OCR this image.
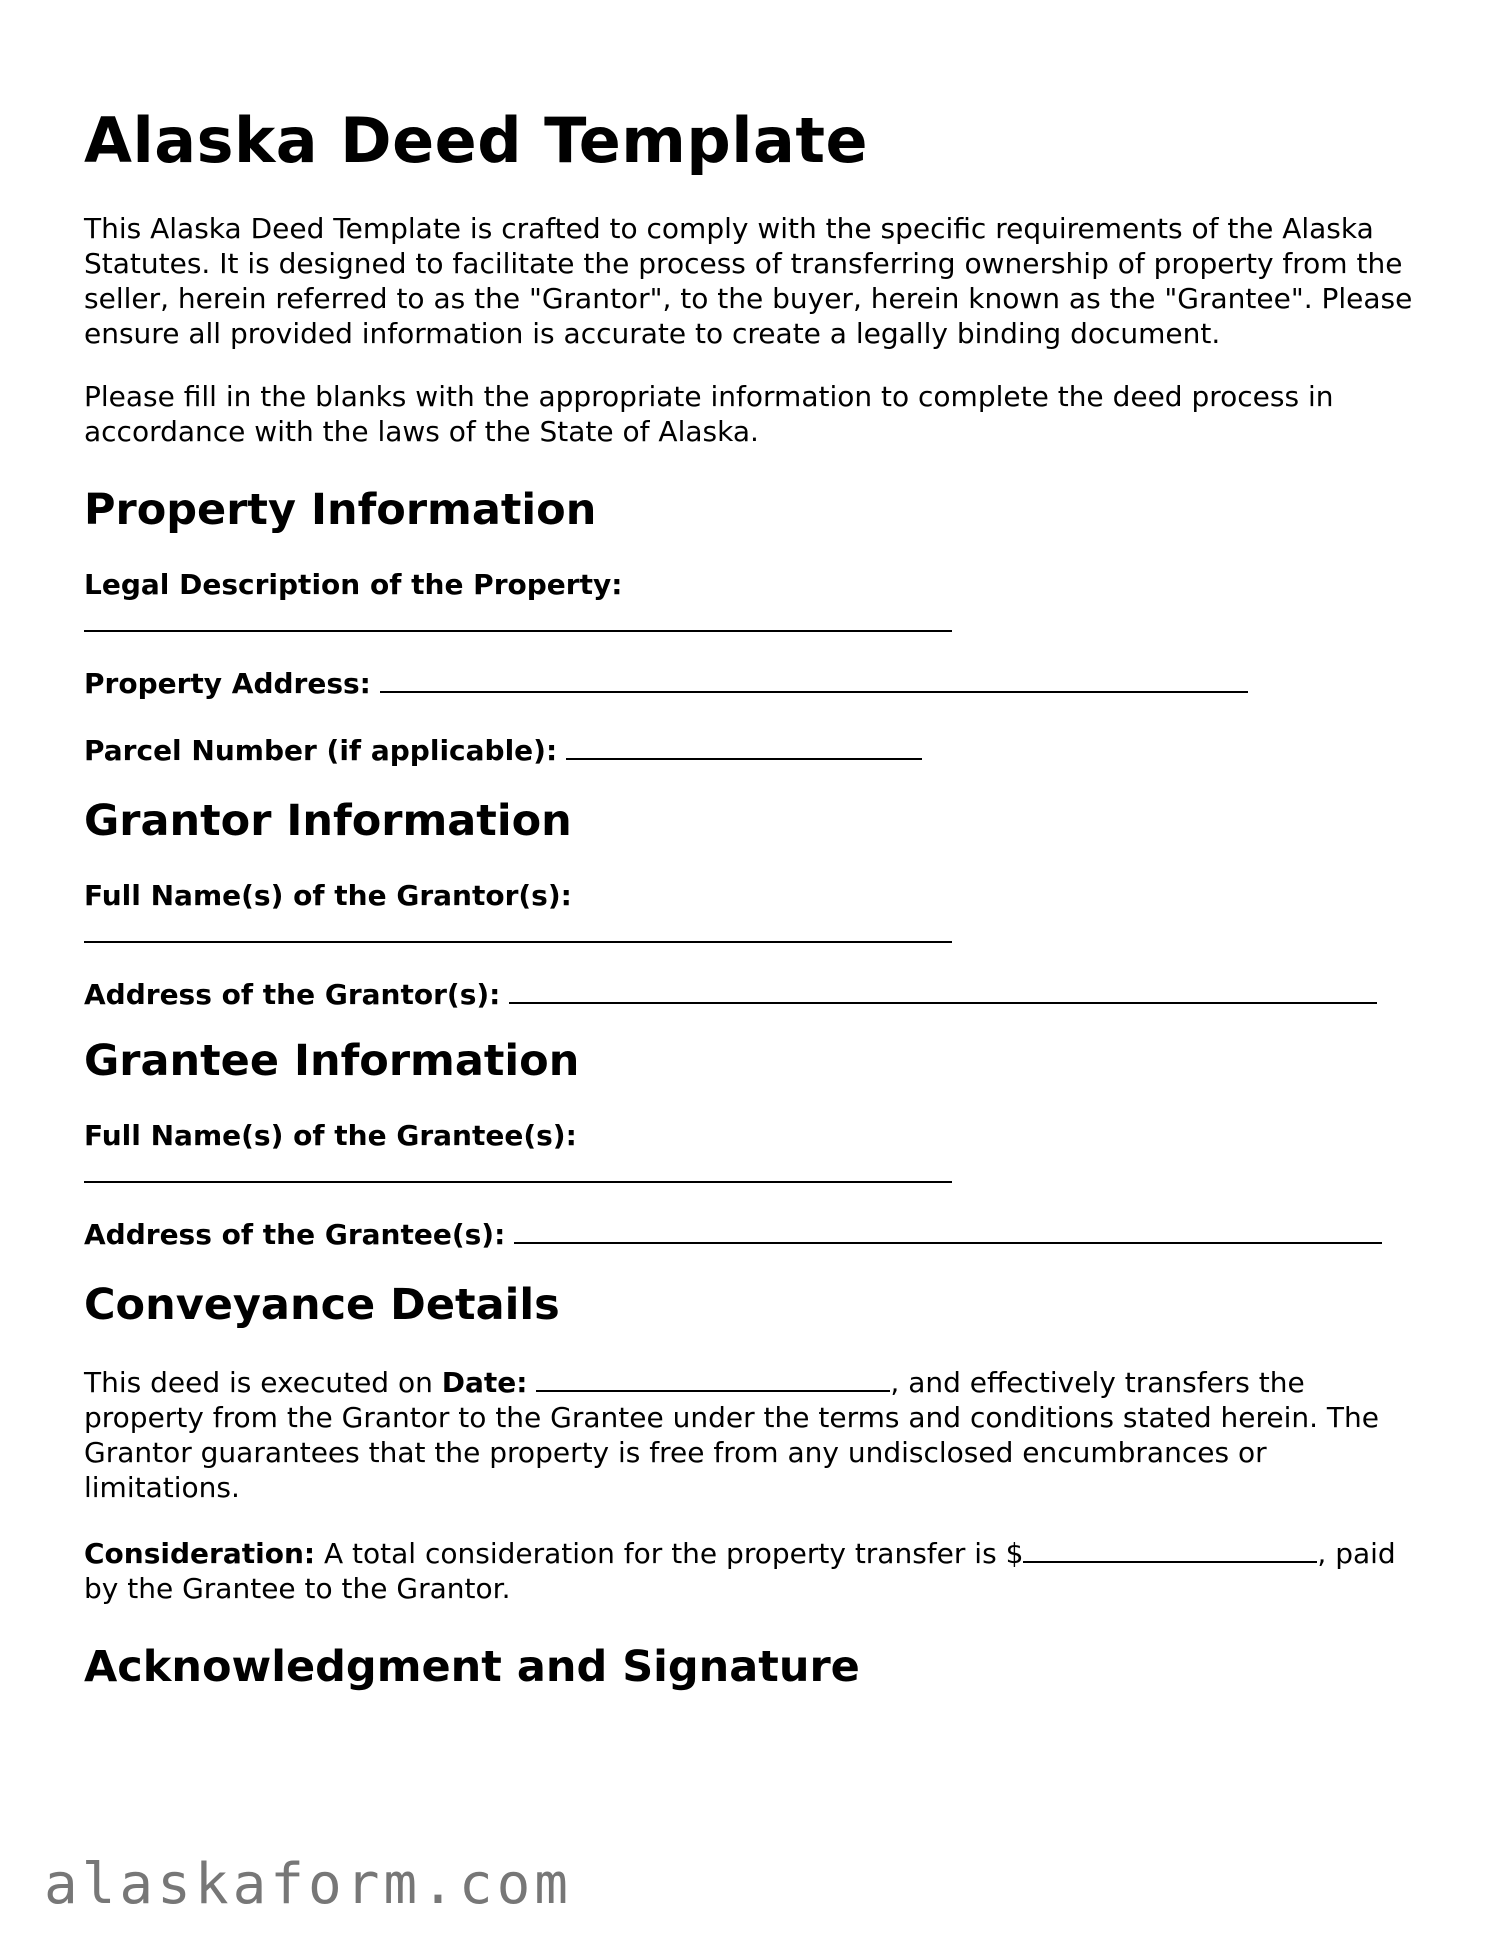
Alaska Deed Template

This Alaska Deed Template is crafted to comply with the specific requirements of the Alaska Statutes. It is designed to facilitate the process of transferring ownership of property from the seller, herein referred to as the "Grantor", to the buyer, herein known as the "Grantee". Please ensure all provided information is accurate to create a legally binding document.

Please fill in the blanks with the appropriate information to complete the deed process in accordance with the laws of the State of Alaska.

Property Information
Legal Description of the Property:
Property Address:
Parcel Number (if applicable):
Grantor Information
Full Name(s) of the Grantor(s):
Address of the Grantor(s):
Grantee Information
Full Name(s) of the Grantee(s):
Address of the Grantee(s):
Conveyance Details

This deed is executed on Date:	, and effectively transfers the property from the Grantor to the Grantee under the terms and conditions stated herein. The Grantor guarantees that the property is free from any undisclosed encumbrances or limitations.

Consideration: A total consideration for the property transfer is $	, paid by the Grantee to the Grantor.

Acknowledgment and Signature
alaskaform.com
